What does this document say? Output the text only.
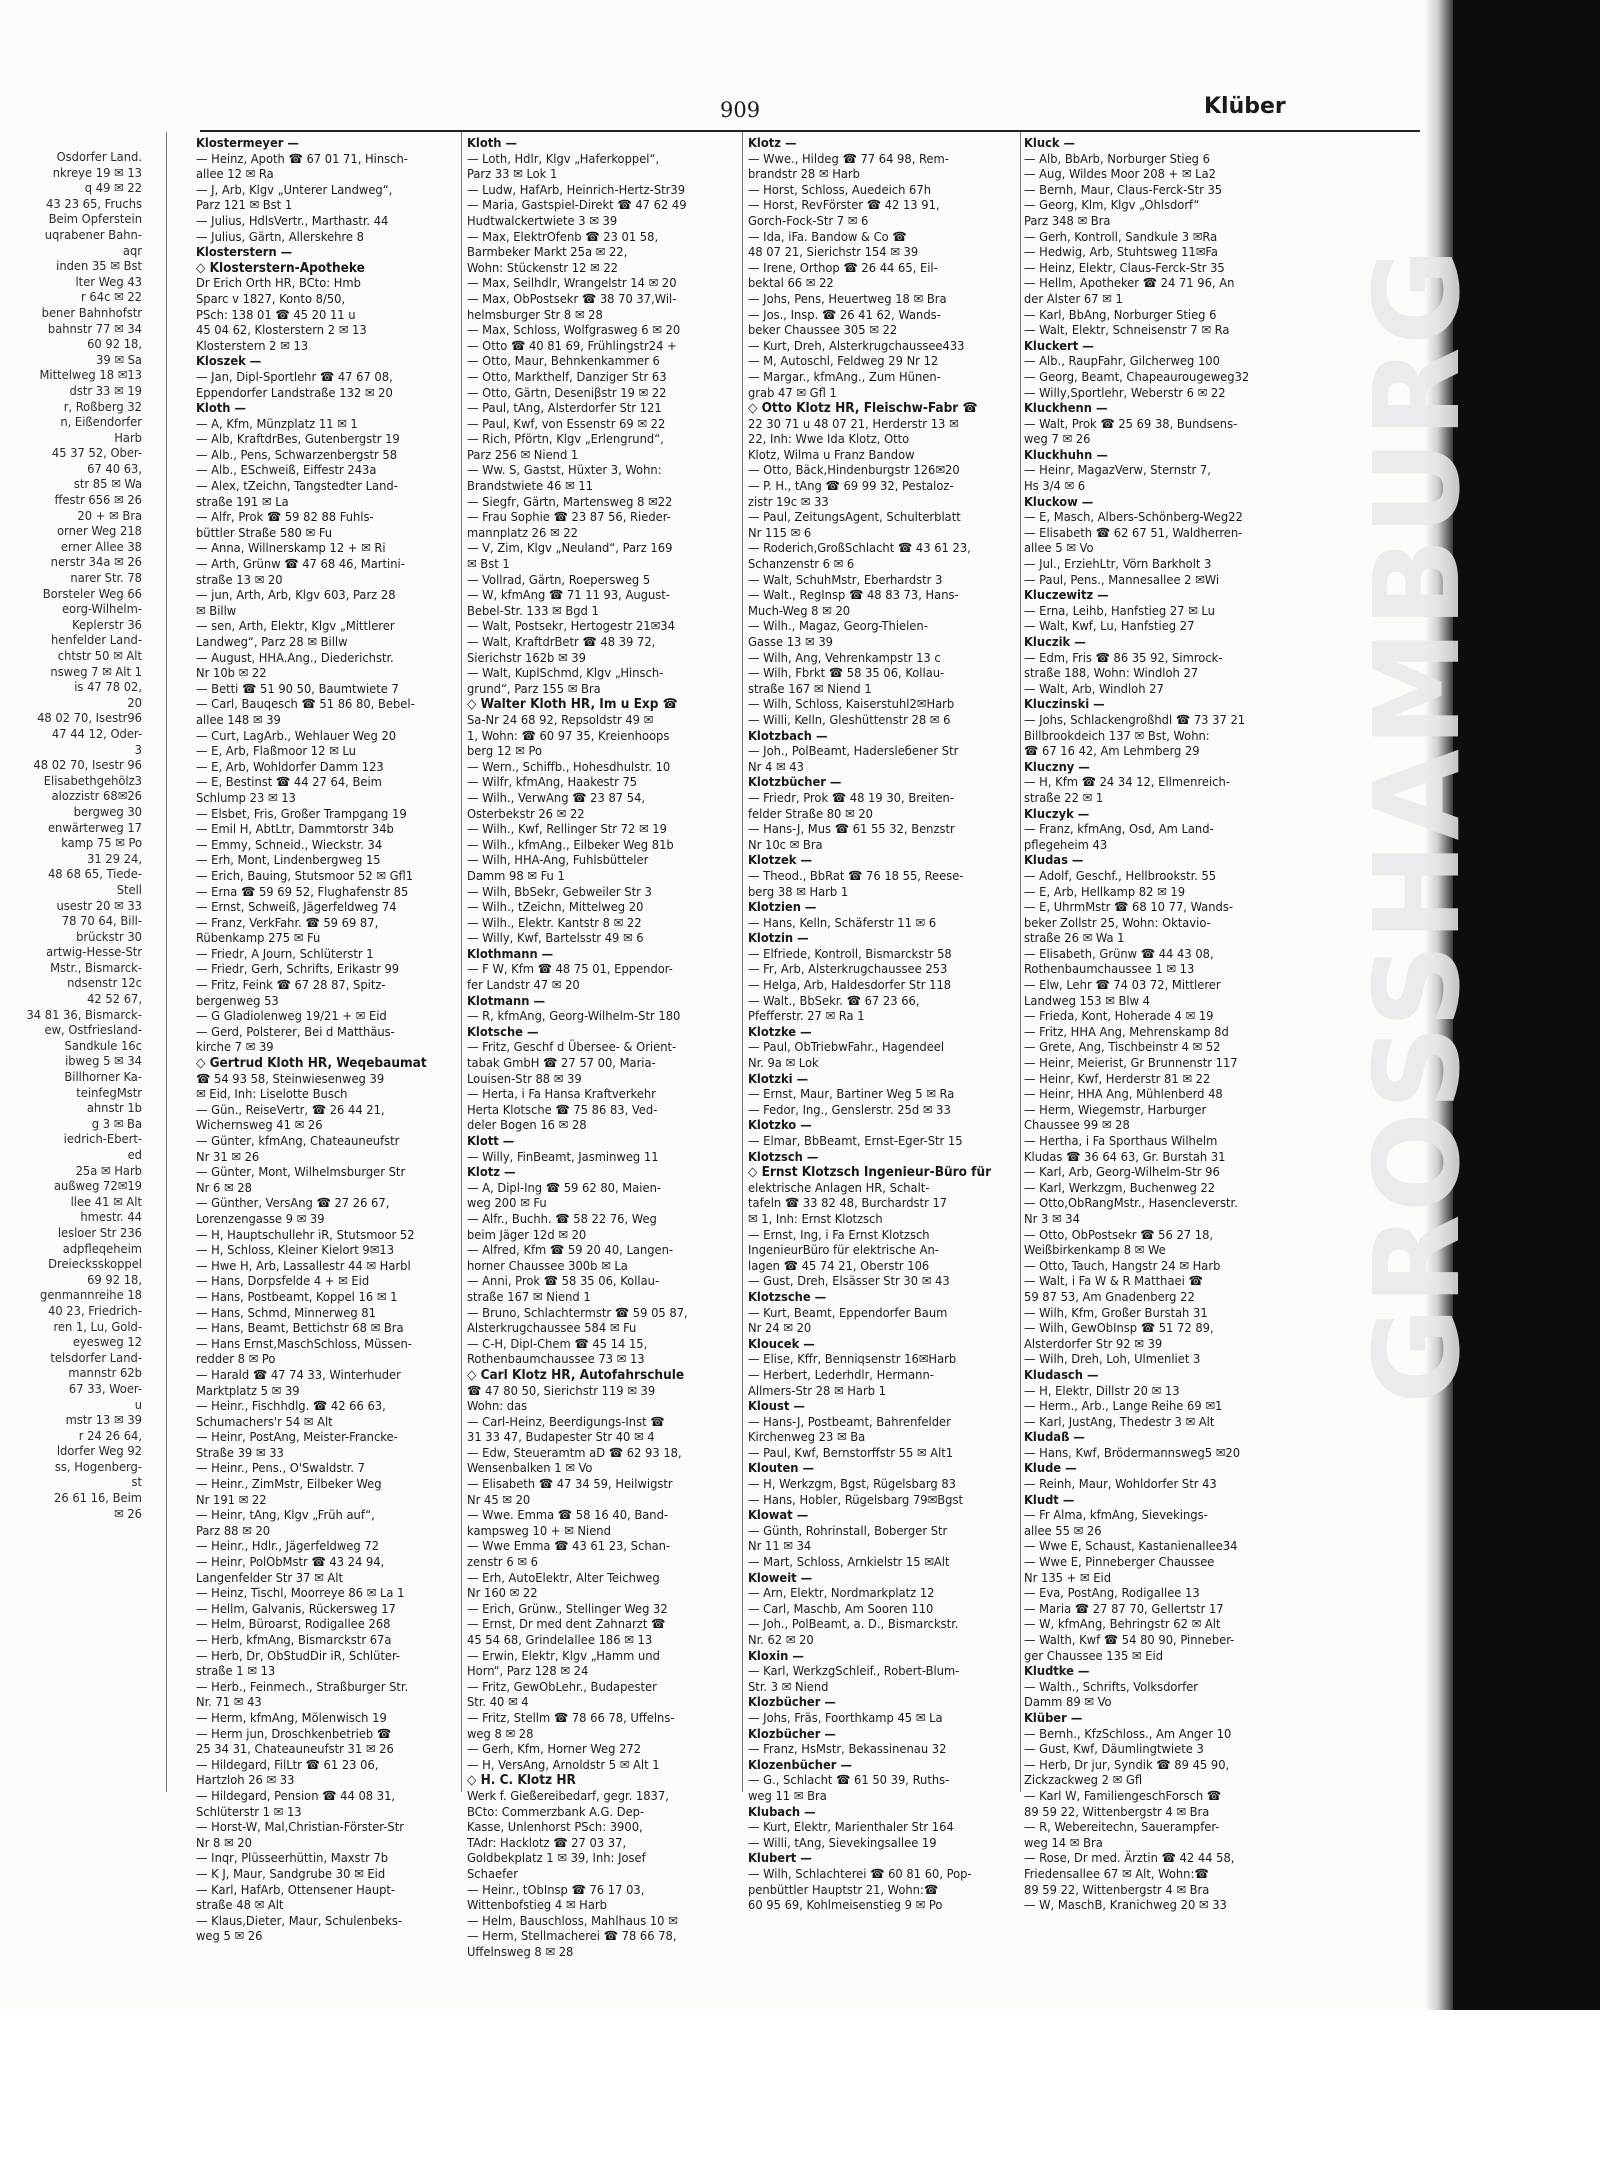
Osdorfer Land.
nkreye 19 ✉ 13
q 49 ✉ 22
43 23 65, Fruchs
Beim Opferstein
uqrabener Bahn-
aqr
inden 35 ✉ Bst
lter Weg 43
r 64c ✉ 22
bener Bahnhofstr
bahnstr 77 ✉ 34
60 92 18,
39 ✉ Sa
Mittelweg 18 ✉13
dstr 33 ✉ 19
r, Roßberg 32
n, Eißendorfer
Harb
45 37 52, Ober-
67 40 63,
str 85 ✉ Wa
ffestr 656 ✉ 26
20 + ✉ Bra
orner Weg 218
erner Allee 38
nerstr 34a ✉ 26
narer Str. 78
Borsteler Weg 66
eorg-Wilhelm-
Keplerstr 36
henfelder Land-
chtstr 50 ✉ Alt
nsweg 7 ✉ Alt 1
is 47 78 02,
20
48 02 70, Isestr96
47 44 12, Oder-
3
48 02 70, Isestr 96
Elisabethgehölz3
alozzistr 68✉26
bergweg 30
enwärterweg 17
kamp 75 ✉ Po
31 29 24,
48 68 65, Tiede-
Stell
usestr 20 ✉ 33
78 70 64, Bill-
brückstr 30
artwig-Hesse-Str
Mstr., Bismarck-
ndsenstr 12c
42 52 67,
34 81 36, Bismarck-
ew, Ostfriesland-
Sandkule 16c
ibweg 5 ✉ 34
Billhorner Ka-
teinfegMstr
ahnstr 1b
g 3 ✉ Ba
iedrich-Ebert-
ed
25a ✉ Harb
außweg 72✉19
llee 41 ✉ Alt
hmestr. 44
lesloer Str 236
adpfleqeheim
Dreiecksskoppel
69 92 18,
genmannreihe 18
40 23, Friedrich-
ren 1, Lu, Gold-
eyesweg 12
telsdorfer Land-
mannstr 62b
67 33, Woer-
u
mstr 13 ✉ 39
r 24 26 64,
ldorfer Weg 92
ss, Hogenberg-
st
26 61 16, Beim
✉ 26
909	Klüber
Klostermeyer —
— Heinz, Apoth ☎ 67 01 71, Hinsch-
allee 12 ✉ Ra
— J, Arb, Klgv „Unterer Landweg“,
Parz 121 ✉ Bst 1
— Julius, HdlsVertr., Marthastr. 44
— Julius, Gärtn, Allerskehre 8
Klosterstern —
◇ Klosterstern-Apotheke
Dr Erich Orth HR, BCto: Hmb
Sparc v 1827, Konto 8/50,
PSch: 138 01 ☎ 45 20 11 u
45 04 62, Klosterstern 2 ✉ 13
Klosterstern 2 ✉ 13
Kloszek —
— Jan, Dipl-Sportlehr ☎ 47 67 08,
Eppendorfer Landstraße 132 ✉ 20
Kloth —
— A, Kfm, Münzplatz 11 ✉ 1
— Alb, KraftdrBes, Gutenbergstr 19
— Alb., Pens, Schwarzenbergstr 58
— Alb., ESchweiß, Eiffestr 243a
— Alex, tZeichn, Tangstedter Land-
straße 191 ✉ La
— Alfr, Prok ☎ 59 82 88 Fuhls-
büttler Straße 580 ✉ Fu
— Anna, Willnerskamp 12 + ✉ Ri
— Arth, Grünw ☎ 47 68 46, Martini-
straße 13 ✉ 20
— jun, Arth, Arb, Klgv 603, Parz 28
✉ Billw
— sen, Arth, Elektr, Klgv „Mittlerer
Landweg“, Parz 28 ✉ Billw
— August, HHA.Ang., Diederichstr.
Nr 10b ✉ 22
— Betti ☎ 51 90 50, Baumtwiete 7
— Carl, Bauqesch ☎ 51 86 80, Bebel-
allee 148 ✉ 39
— Curt, LagArb., Wehlauer Weg 20
— E, Arb, Flaßmoor 12 ✉ Lu
— E, Arb, Wohldorfer Damm 123
— E, Bestinst ☎ 44 27 64, Beim
Schlump 23 ✉ 13
— Elsbet, Fris, Großer Trampgang 19
— Emil H, AbtLtr, Dammtorstr 34b
— Emmy, Schneid., Wieckstr. 34
— Erh, Mont, Lindenbergweg 15
— Erich, Bauing, Stutsmoor 52 ✉ Gfl1
— Erna ☎ 59 69 52, Flughafenstr 85
— Ernst, Schweiß, Jägerfeldweg 74
— Franz, VerkFahr. ☎ 59 69 87,
Rübenkamp 275 ✉ Fu
— Friedr, A Journ, Schlüterstr 1
— Friedr, Gerh, Schrifts, Erikastr 99
— Fritz, Feink ☎ 67 28 87, Spitz-
bergenweg 53
— G Gladiolenweg 19/21 + ✉ Eid
— Gerd, Polsterer, Bei d Matthäus-
kirche 7 ✉ 39
◇ Gertrud Kloth HR, Weqebaumat
☎ 54 93 58, Steinwiesenweg 39
✉ Eid, Inh: Liselotte Busch
— Gün., ReiseVertr, ☎ 26 44 21,
Wichernsweg 41 ✉ 26
— Günter, kfmAng, Chateauneufstr
Nr 31 ✉ 26
— Günter, Mont, Wilhelmsburger Str
Nr 6 ✉ 28
— Günther, VersAng ☎ 27 26 67,
Lorenzengasse 9 ✉ 39
— H, Hauptschullehr iR, Stutsmoor 52
— H, Schloss, Kleiner Kielort 9✉13
— Hwe H, Arb, Lassallestr 44 ✉ Harbl
— Hans, Dorpsfelde 4 + ✉ Eid
— Hans, Postbeamt, Koppel 16 ✉ 1
— Hans, Schmd, Minnerweg 81
— Hans, Beamt, Bettichstr 68 ✉ Bra
— Hans Ernst,MaschSchloss, Müssen-
redder 8 ✉ Po
— Harald ☎ 47 74 33, Winterhuder
Marktplatz 5 ✉ 39
— Heinr., Fischhdlg. ☎ 42 66 63,
Schumachers'r 54 ✉ Alt
— Heinr, PostAng, Meister-Francke-
Straße 39 ✉ 33
— Heinr., Pens., O'Swaldstr. 7
— Heinr., ZimMstr, Eilbeker Weg
Nr 191 ✉ 22
— Heinr, tAng, Klgv „Früh auf“,
Parz 88 ✉ 20
— Heinr., Hdlr., Jägerfeldweg 72
— Heinr, PolObMstr ☎ 43 24 94,
Langenfelder Str 37 ✉ Alt
— Heinz, Tischl, Moorreye 86 ✉ La 1
— Hellm, Galvanis, Rückersweg 17
— Helm, Büroarst, Rodigallee 268
— Herb, kfmAng, Bismarckstr 67a
— Herb, Dr, ObStudDir iR, Schlüter-
straße 1 ✉ 13
— Herb., Feinmech., Straßburger Str.
Nr. 71 ✉ 43
— Herm, kfmAng, Mölenwisch 19
— Herm jun, Droschkenbetrieb ☎
25 34 31, Chateauneufstr 31 ✉ 26
— Hildegard, FilLtr ☎ 61 23 06,
Hartzloh 26 ✉ 33
— Hildegard, Pension ☎ 44 08 31,
Schlüterstr 1 ✉ 13
— Horst-W, Mal,Christian-Förster-Str
Nr 8 ✉ 20
— Inqr, Plüsseerhüttin, Maxstr 7b
— K J, Maur, Sandgrube 30 ✉ Eid
— Karl, HafArb, Ottensener Haupt-
straße 48 ✉ Alt
— Klaus,Dieter, Maur, Schulenbeks-
weg 5 ✉ 26
Kloth —
— Loth, Hdlr, Klgv „Haferkoppel“,
Parz 33 ✉ Lok 1
— Ludw, HafArb, Heinrich-Hertz-Str39
— Maria, Gastspiel-Direkt ☎ 47 62 49
Hudtwalckertwiete 3 ✉ 39
— Max, ElektrOfenb ☎ 23 01 58,
Barmbeker Markt 25a ✉ 22,
Wohn: Stückenstr 12 ✉ 22
— Max, Seilhdlr, Wrangelstr 14 ✉ 20
— Max, ObPostsekr ☎ 38 70 37,Wil-
helmsburger Str 8 ✉ 28
— Max, Schloss, Wolfgrasweg 6 ✉ 20
— Otto ☎ 40 81 69, Frühlingstr24 +
— Otto, Maur, Behnkenkammer 6
— Otto, Markthelf, Danziger Str 63
— Otto, Gärtn, Deseniβstr 19 ✉ 22
— Paul, tAng, Alsterdorfer Str 121
— Paul, Kwf, von Essenstr 69 ✉ 22
— Rich, Pförtn, Klgv „Erlengrund“,
Parz 256 ✉ Niend 1
— Ww. S, Gastst, Hüxter 3, Wohn:
Brandstwiete 46 ✉ 11
— Siegfr, Gärtn, Martensweg 8 ✉22
— Frau Sophie ☎ 23 87 56, Rieder-
mannplatz 26 ✉ 22
— V, Zim, Klgv „Neuland“, Parz 169
✉ Bst 1
— Vollrad, Gärtn, Roepersweg 5
— W, kfmAng ☎ 71 11 93, August-
Bebel-Str. 133 ✉ Bgd 1
— Walt, Postsekr, Hertogestr 21✉34
— Walt, KraftdrBetr ☎ 48 39 72,
Sierichstr 162b ✉ 39
— Walt, KuplSchmd, Klgv „Hinsch-
grund“, Parz 155 ✉ Bra
◇ Walter Kloth HR, Im u Exp ☎
Sa-Nr 24 68 92, Repsoldstr 49 ✉
1, Wohn: ☎ 60 97 35, Kreienhoops
berg 12 ✉ Po
— Wern., Schiffb., Hohesdhulstr. 10
— Wilfr, kfmAng, Haakestr 75
— Wilh., VerwAng ☎ 23 87 54,
Osterbekstr 26 ✉ 22
— Wilh., Kwf, Rellinger Str 72 ✉ 19
— Wilh., kfmAng., Eilbeker Weg 81b
— Wilh, HHA-Ang, Fuhlsbütteler
Damm 98 ✉ Fu 1
— Wilh, BbSekr, Gebweiler Str 3
— Wilh., tZeichn, Mittelweg 20
— Wilh., Elektr. Kantstr 8 ✉ 22
— Willy, Kwf, Bartelsstr 49 ✉ 6
Klothmann —
— F W, Kfm ☎ 48 75 01, Eppendor-
fer Landstr 47 ✉ 20
Klotmann —
— R, kfmAng, Georg-Wilhelm-Str 180
Klotsche —
— Fritz, Geschf d Übersee- & Orient-
tabak GmbH ☎ 27 57 00, Maria-
Louisen-Str 88 ✉ 39
— Herta, i Fa Hansa Kraftverkehr
Herta Klotsche ☎ 75 86 83, Ved-
deler Bogen 16 ✉ 28
Klott —
— Willy, FinBeamt, Jasminweg 11
Klotz —
— A, Dipl-Ing ☎ 59 62 80, Maien-
weg 200 ✉ Fu
— Alfr., Buchh. ☎ 58 22 76, Weg
beim Jäger 12d ✉ 20
— Alfred, Kfm ☎ 59 20 40, Langen-
horner Chaussee 300b ✉ La
— Anni, Prok ☎ 58 35 06, Kollau-
straße 167 ✉ Niend 1
— Bruno, Schlachtermstr ☎ 59 05 87,
Alsterkrugchaussee 584 ✉ Fu
— C-H, Dipl-Chem ☎ 45 14 15,
Rothenbaumchaussee 73 ✉ 13
◇ Carl Klotz HR, Autofahrschule
☎ 47 80 50, Sierichstr 119 ✉ 39
Wohn: das
— Carl-Heinz, Beerdigungs-Inst ☎
31 33 47, Budapester Str 40 ✉ 4
— Edw, Steueramtm aD ☎ 62 93 18,
Wensenbalken 1 ✉ Vo
— Elisabeth ☎ 47 34 59, Heilwigstr
Nr 45 ✉ 20
— Wwe. Emma ☎ 58 16 40, Band-
kampsweg 10 + ✉ Niend
— Wwe Emma ☎ 43 61 23, Schan-
zenstr 6 ✉ 6
— Erh, AutoElektr, Alter Teichweg
Nr 160 ✉ 22
— Erich, Grünw., Stellinger Weg 32
— Ernst, Dr med dent Zahnarzt ☎
45 54 68, Grindelallee 186 ✉ 13
— Erwin, Elektr, Klgv „Hamm und
Horn“, Parz 128 ✉ 24
— Fritz, GewObLehr., Budapester
Str. 40 ✉ 4
— Fritz, Stellm ☎ 78 66 78, Uffelns-
weg 8 ✉ 28
— Gerh, Kfm, Horner Weg 272
— H, VersAng, Arnoldstr 5 ✉ Alt 1
◇ H. C. Klotz HR
Werk f. Gießereibedarf, gegr. 1837,
BCto: Commerzbank A.G. Dep-
Kasse, Unlenhorst PSch: 3900,
TAdr: Hacklotz ☎ 27 03 37,
Goldbekplatz 1 ✉ 39, Inh: Josef
Schaefer
— Heinr., tObInsp ☎ 76 17 03,
Wittenbofstieg 4 ✉ Harb
— Helm, Bauschloss, Mahlhaus 10 ✉
— Herm, Stellmacherei ☎ 78 66 78,
Uffelnsweg 8 ✉ 28
Klotz —
— Wwe., Hildeg ☎ 77 64 98, Rem-
brandstr 28 ✉ Harb
— Horst, Schloss, Auedeich 67h
— Horst, RevFörster ☎ 42 13 91,
Gorch-Fock-Str 7 ✉ 6
— Ida, iFa. Bandow & Co ☎
48 07 21, Sierichstr 154 ✉ 39
— Irene, Orthop ☎ 26 44 65, Eil-
bektal 66 ✉ 22
— Johs, Pens, Heuertweg 18 ✉ Bra
— Jos., Insp. ☎ 26 41 62, Wands-
beker Chaussee 305 ✉ 22
— Kurt, Dreh, Alsterkrugchaussee433
— M, Autoschl, Feldweg 29 Nr 12
— Margar., kfmAng., Zum Hünen-
grab 47 ✉ Gfl 1
◇ Otto Klotz HR, Fleischw-Fabr ☎
22 30 71 u 48 07 21, Herderstr 13 ✉
22, Inh: Wwe Ida Klotz, Otto
Klotz, Wilma u Franz Bandow
— Otto, Bäck,Hindenburgstr 126✉20
— P. H., tAng ☎ 69 99 32, Pestaloz-
zistr 19c ✉ 33
— Paul, ZeitungsAgent, Schulterblatt
Nr 115 ✉ 6
— Roderich,GroßSchlacht ☎ 43 61 23,
Schanzenstr 6 ✉ 6
— Walt, SchuhMstr, Eberhardstr 3
— Walt., RegInsp ☎ 48 83 73, Hans-
Much-Weg 8 ✉ 20
— Wilh., Magaz, Georg-Thielen-
Gasse 13 ✉ 39
— Wilh, Ang, Vehrenkampstr 13 c
— Wilh, Fbrkt ☎ 58 35 06, Kollau-
straße 167 ✉ Niend 1
— Wilh, Schloss, Kaiserstuhl2✉Harb
— Willi, Kelln, Gleshüttenstr 28 ✉ 6
Klotzbach —
— Joh., PolBeamt, Hadersleбener Str
Nr 4 ✉ 43
Klotzbücher —
— Friedr, Prok ☎ 48 19 30, Breiten-
felder Straße 80 ✉ 20
— Hans-J, Mus ☎ 61 55 32, Benzstr
Nr 10c ✉ Bra
Klotzek —
— Theod., BbRat ☎ 76 18 55, Reese-
berg 38 ✉ Harb 1
Klotzien —
— Hans, Kelln, Schäferstr 11 ✉ 6
Klotzin —
— Elfriede, Kontroll, Bismarckstr 58
— Fr, Arb, Alsterkrugchaussee 253
— Helga, Arb, Haldesdorfer Str 118
— Walt., BbSekr. ☎ 67 23 66,
Pfefferstr. 27 ✉ Ra 1
Klotzke —
— Paul, ObTriebwFahr., Hagendeel
Nr. 9a ✉ Lok
Klotzki —
— Ernst, Maur, Bartiner Weg 5 ✉ Ra
— Fedor, Ing., Genslerstr. 25d ✉ 33
Klotzko —
— Elmar, BbBeamt, Ernst-Eger-Str 15
Klotzsch —
◇ Ernst Klotzsch Ingenieur-Büro für
elektrische Anlagen HR, Schalt-
tafeln ☎ 33 82 48, Burchardstr 17
✉ 1, Inh: Ernst Klotzsch
— Ernst, Ing, i Fa Ernst Klotzsch
IngenieurBüro für elektrische An-
lagen ☎ 45 74 21, Oberstr 106
— Gust, Dreh, Elsässer Str 30 ✉ 43
Klotzsche —
— Kurt, Beamt, Eppendorfer Baum
Nr 24 ✉ 20
Kloucek —
— Elise, Kffr, Benniqsenstr 16✉Harb
— Herbert, Lederhdlr, Hermann-
Allmers-Str 28 ✉ Harb 1
Kloust —
— Hans-J, Postbeamt, Bahrenfelder
Kirchenweg 23 ✉ Ba
— Paul, Kwf, Bernstorffstr 55 ✉ Alt1
Klouten —
— H, Werkzgm, Bgst, Rügelsbarg 83
— Hans, Hobler, Rügelsbarg 79✉Bgst
Klowat —
— Günth, Rohrinstall, Boberger Str
Nr 11 ✉ 34
— Mart, Schloss, Arnkielstr 15 ✉Alt
Kloweit —
— Arn, Elektr, Nordmarkplatz 12
— Carl, Maschb, Am Sooren 110
— Joh., PolBeamt, a. D., Bismarckstr.
Nr. 62 ✉ 20
Kloxin —
— Karl, WerkzgSchleif., Robert-Blum-
Str. 3 ✉ Niend
Klozbücher —
— Johs, Fräs, Foorthkamp 45 ✉ La
Klozbücher —
— Franz, HsMstr, Bekassinenau 32
Klozenbücher —
— G., Schlacht ☎ 61 50 39, Ruths-
weg 11 ✉ Bra
Klubach —
— Kurt, Elektr, Marienthaler Str 164
— Willi, tAng, Sievekingsallee 19
Klubert —
— Wilh, Schlachterei ☎ 60 81 60, Pop-
penbüttler Hauptstr 21, Wohn:☎
60 95 69, Kohlmeisenstieg 9 ✉ Po
Kluck —
— Alb, BbArb, Norburger Stieg 6
— Aug, Wildes Moor 208 + ✉ La2
— Bernh, Maur, Claus-Ferck-Str 35
— Georg, Klm, Klgv „Ohlsdorf“
Parz 348 ✉ Bra
— Gerh, Kontroll, Sandkule 3 ✉Ra
— Hedwig, Arb, Stuhtsweg 11✉Fa
— Heinz, Elektr, Claus-Ferck-Str 35
— Hellm, Apotheker ☎ 24 71 96, An
der Alster 67 ✉ 1
— Karl, BbAng, Norburger Stieg 6
— Walt, Elektr, Schneisenstr 7 ✉ Ra
Kluckert —
— Alb., RaupFahr, Gilcherweg 100
— Georg, Beamt, Chapeaurougeweg32
— Willy,Sportlehr, Weberstr 6 ✉ 22
Kluckhenn —
— Walt, Prok ☎ 25 69 38, Bundsens-
weg 7 ✉ 26
Kluckhuhn —
— Heinr, MagazVerw, Sternstr 7,
Hs 3/4 ✉ 6
Kluckow —
— E, Masch, Albers-Schönberg-Weg22
— Elisabeth ☎ 62 67 51, Waldherren-
allee 5 ✉ Vo
— Jul., ErziehLtr, Vörn Barkholt 3
— Paul, Pens., Mannesallee 2 ✉Wi
Kluczewitz —
— Erna, Leihb, Hanfstieg 27 ✉ Lu
— Walt, Kwf, Lu, Hanfstieg 27
Kluczik —
— Edm, Fris ☎ 86 35 92, Simrock-
straße 188, Wohn: Windloh 27
— Walt, Arb, Windloh 27
Kluczinski —
— Johs, Schlackengroßhdl ☎ 73 37 21
Billbrookdeich 137 ✉ Bst, Wohn:
☎ 67 16 42, Am Lehmberg 29
Kluczny —
— H, Kfm ☎ 24 34 12, Ellmenreich-
straße 22 ✉ 1
Kluczyk —
— Franz, kfmAng, Osd, Am Land-
pflegeheim 43
Kludas —
— Adolf, Geschf., Hellbrookstr. 55
— E, Arb, Hellkamp 82 ✉ 19
— E, UhrmMstr ☎ 68 10 77, Wands-
beker Zollstr 25, Wohn: Oktavio-
straße 26 ✉ Wa 1
— Elisabeth, Grünw ☎ 44 43 08,
Rothenbaumchaussee 1 ✉ 13
— Elw, Lehr ☎ 74 03 72, Mittlerer
Landweg 153 ✉ Blw 4
— Frieda, Kont, Hoherade 4 ✉ 19
— Fritz, HHA Ang, Mehrenskamp 8d
— Grete, Ang, Tischbeinstr 4 ✉ 52
— Heinr, Meierist, Gr Brunnenstr 117
— Heinr, Kwf, Herderstr 81 ✉ 22
— Heinr, HHA Ang, Mühlenberd 48
— Herm, Wiegemstr, Harburger
Chaussee 99 ✉ 28
— Hertha, i Fa Sporthaus Wilhelm
Kludas ☎ 36 64 63, Gr. Burstah 31
— Karl, Arb, Georg-Wilhelm-Str 96
— Karl, Werkzgm, Buchenweg 22
— Otto,ObRangMstr., Hasencleverstr.
Nr 3 ✉ 34
— Otto, ObPostsekr ☎ 56 27 18,
Weißbirkenkamp 8 ✉ We
— Otto, Tauch, Hangstr 24 ✉ Harb
— Walt, i Fa W & R Matthaei ☎
59 87 53, Am Gnadenberg 22
— Wilh, Kfm, Großer Burstah 31
— Wilh, GewObInsp ☎ 51 72 89,
Alsterdorfer Str 92 ✉ 39
— Wilh, Dreh, Loh, Ulmenliet 3
Kludasch —
— H, Elektr, Dillstr 20 ✉ 13
— Herm., Arb., Lange Reihe 69 ✉1
— Karl, JustAng, Thedestr 3 ✉ Alt
Kludaß —
— Hans, Kwf, Brödermannsweg5 ✉20
Klude —
— Reinh, Maur, Wohldorfer Str 43
Kludt —
— Fr Alma, kfmAng, Sievekings-
allee 55 ✉ 26
— Wwe E, Schaust, Kastanienallee34
— Wwe E, Pinneberger Chaussee
Nr 135 + ✉ Eid
— Eva, PostAng, Rodigallee 13
— Maria ☎ 27 87 70, Gellertstr 17
— W, kfmAng, Behringstr 62 ✉ Alt
— Walth, Kwf ☎ 54 80 90, Pinneber-
ger Chaussee 135 ✉ Eid
Kludtke —
— Walth., Schrifts, Volksdorfer
Damm 89 ✉ Vo
Klüber —
— Bernh., KfzSchloss., Am Anger 10
— Gust, Kwf, Däumlingtwiete 3
— Herb, Dr jur, Syndik ☎ 89 45 90,
Zickzackweg 2 ✉ Gfl
— Karl W, FamiliengeschForsch ☎
89 59 22, Wittenbergstr 4 ✉ Bra
— R, Webereitechn, Sauerampfer-
weg 14 ✉ Bra
— Rose, Dr med. Ärztin ☎ 42 44 58,
Friedensallee 67 ✉ Alt, Wohn:☎
89 59 22, Wittenbergstr 4 ✉ Bra
— W, MaschB, Kranichweg 20 ✉ 33
